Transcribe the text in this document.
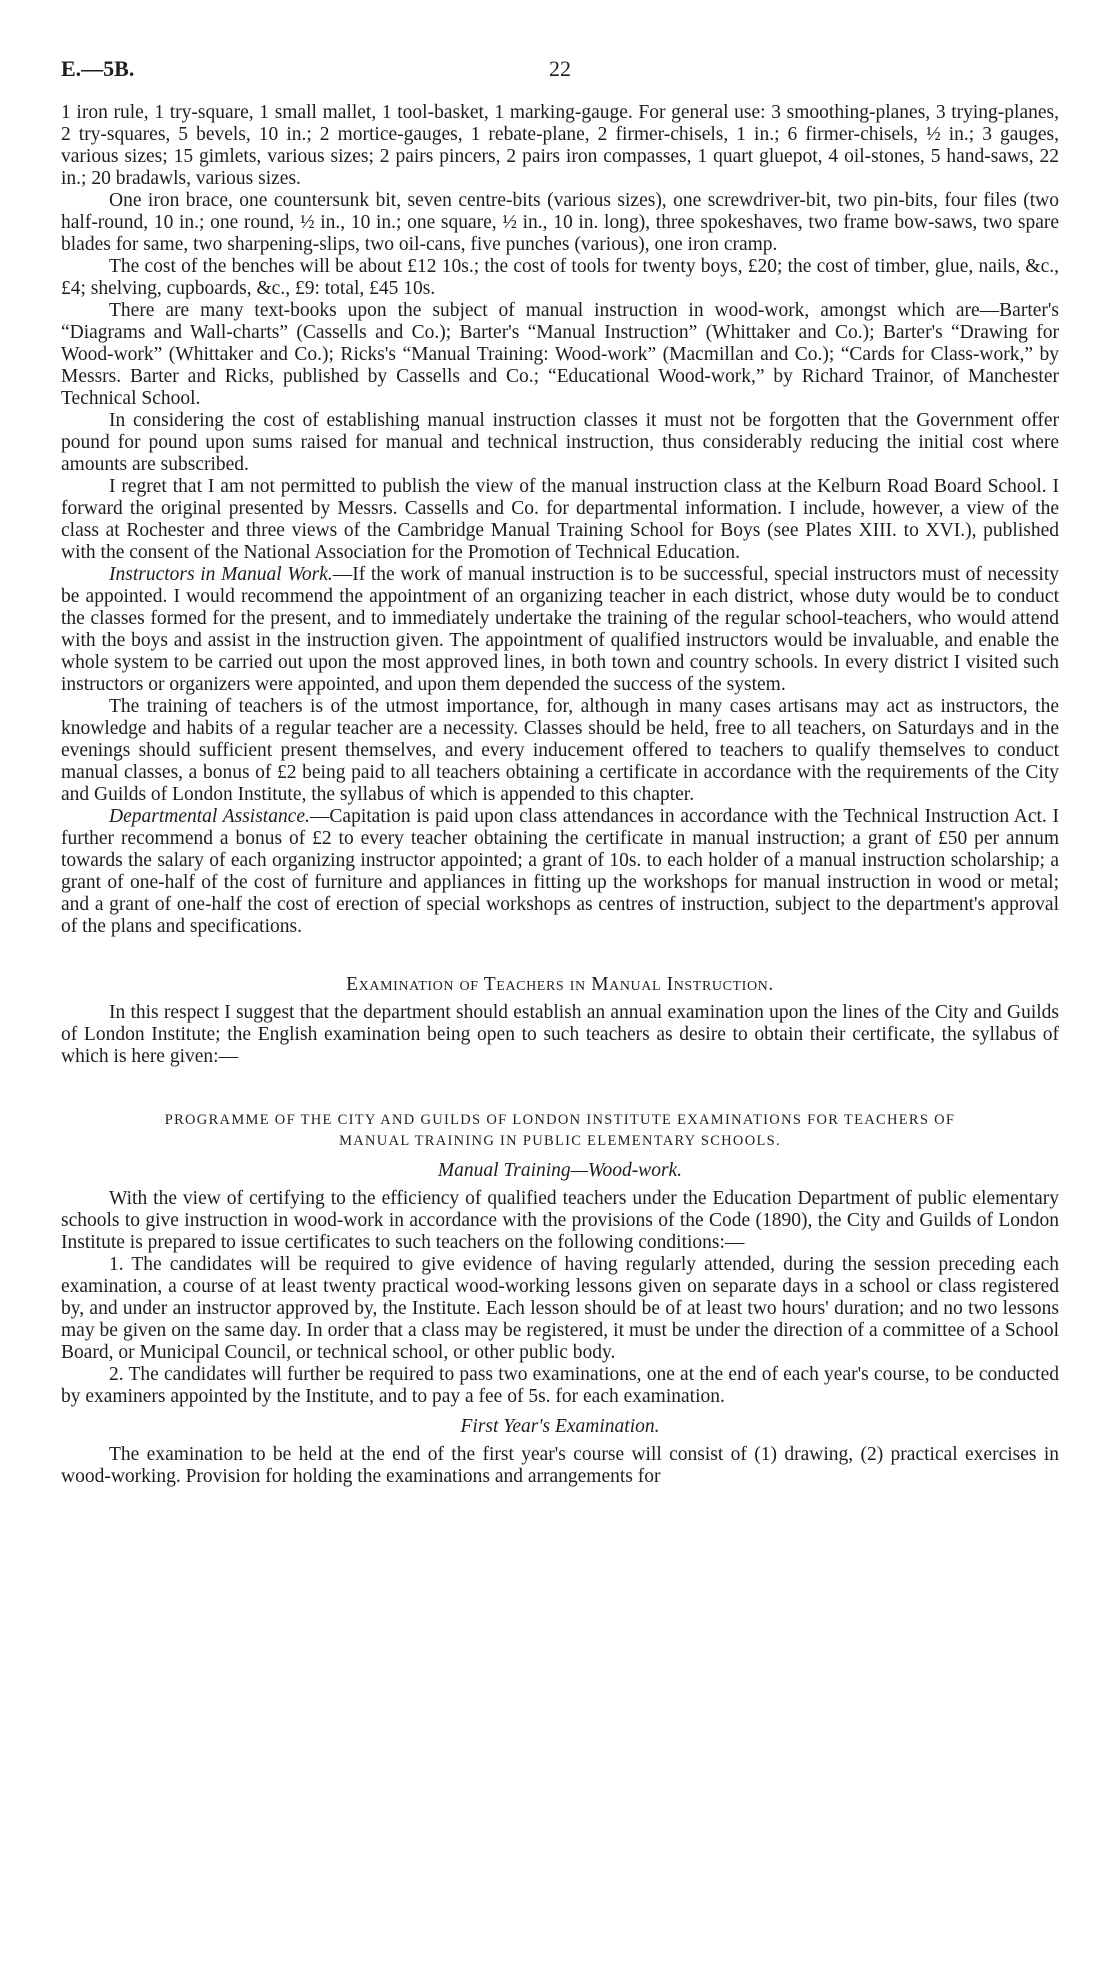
E.—5B.	22

1 iron rule, 1 try-square, 1 small mallet, 1 tool-basket, 1 marking-gauge. For general use: 3 smoothing-planes, 3 trying-planes, 2 try-squares, 5 bevels, 10 in.; 2 mortice-gauges, 1 rebate-plane, 2 firmer-chisels, 1 in.; 6 firmer-chisels, ½ in.; 3 gauges, various sizes; 15 gimlets, various sizes; 2 pairs pincers, 2 pairs iron compasses, 1 quart gluepot, 4 oil-stones, 5 hand-saws, 22 in.; 20 bradawls, various sizes.

One iron brace, one countersunk bit, seven centre-bits (various sizes), one screwdriver-bit, two pin-bits, four files (two half-round, 10 in.; one round, ½ in., 10 in.; one square, ½ in., 10 in. long), three spokeshaves, two frame bow-saws, two spare blades for same, two sharpening-slips, two oil-cans, five punches (various), one iron cramp.

The cost of the benches will be about £12 10s.; the cost of tools for twenty boys, £20; the cost of timber, glue, nails, &c., £4; shelving, cupboards, &c., £9: total, £45 10s.

There are many text-books upon the subject of manual instruction in wood-work, amongst which are—Barter's “Diagrams and Wall-charts” (Cassells and Co.); Barter's “Manual Instruction” (Whittaker and Co.); Barter's “Drawing for Wood-work” (Whittaker and Co.); Ricks's “Manual Training: Wood-work” (Macmillan and Co.); “Cards for Class-work,” by Messrs. Barter and Ricks, published by Cassells and Co.; “Educational Wood-work,” by Richard Trainor, of Manchester Technical School.

In considering the cost of establishing manual instruction classes it must not be forgotten that the Government offer pound for pound upon sums raised for manual and technical instruction, thus considerably reducing the initial cost where amounts are subscribed.

I regret that I am not permitted to publish the view of the manual instruction class at the Kelburn Road Board School. I forward the original presented by Messrs. Cassells and Co. for departmental information. I include, however, a view of the class at Rochester and three views of the Cambridge Manual Training School for Boys (see Plates XIII. to XVI.), published with the consent of the National Association for the Promotion of Technical Education.

Instructors in Manual Work.—If the work of manual instruction is to be successful, special instructors must of necessity be appointed. I would recommend the appointment of an organizing teacher in each district, whose duty would be to conduct the classes formed for the present, and to immediately undertake the training of the regular school-teachers, who would attend with the boys and assist in the instruction given. The appointment of qualified instructors would be invaluable, and enable the whole system to be carried out upon the most approved lines, in both town and country schools. In every district I visited such instructors or organizers were appointed, and upon them depended the success of the system.

The training of teachers is of the utmost importance, for, although in many cases artisans may act as instructors, the knowledge and habits of a regular teacher are a necessity. Classes should be held, free to all teachers, on Saturdays and in the evenings should sufficient present themselves, and every inducement offered to teachers to qualify themselves to conduct manual classes, a bonus of £2 being paid to all teachers obtaining a certificate in accordance with the requirements of the City and Guilds of London Institute, the syllabus of which is appended to this chapter.

Departmental Assistance.—Capitation is paid upon class attendances in accordance with the Technical Instruction Act. I further recommend a bonus of £2 to every teacher obtaining the certificate in manual instruction; a grant of £50 per annum towards the salary of each organizing instructor appointed; a grant of 10s. to each holder of a manual instruction scholarship; a grant of one-half of the cost of furniture and appliances in fitting up the workshops for manual instruction in wood or metal; and a grant of one-half the cost of erection of special workshops as centres of instruction, subject to the department's approval of the plans and specifications.

Examination of Teachers in Manual Instruction.

In this respect I suggest that the department should establish an annual examination upon the lines of the City and Guilds of London Institute; the English examination being open to such teachers as desire to obtain their certificate, the syllabus of which is here given:—

PROGRAMME OF THE CITY AND GUILDS OF LONDON INSTITUTE EXAMINATIONS FOR TEACHERS OF
MANUAL TRAINING IN PUBLIC ELEMENTARY SCHOOLS.
Manual Training—Wood-work.

With the view of certifying to the efficiency of qualified teachers under the Education Department of public elementary schools to give instruction in wood-work in accordance with the provisions of the Code (1890), the City and Guilds of London Institute is prepared to issue certificates to such teachers on the following conditions:—

1. The candidates will be required to give evidence of having regularly attended, during the session preceding each examination, a course of at least twenty practical wood-working lessons given on separate days in a school or class registered by, and under an instructor approved by, the Institute. Each lesson should be of at least two hours' duration; and no two lessons may be given on the same day. In order that a class may be registered, it must be under the direction of a committee of a School Board, or Municipal Council, or technical school, or other public body.

2. The candidates will further be required to pass two examinations, one at the end of each year's course, to be conducted by examiners appointed by the Institute, and to pay a fee of 5s. for each examination.

First Year's Examination.

The examination to be held at the end of the first year's course will consist of (1) drawing, (2) practical exercises in wood-working. Provision for holding the examinations and arrangements for
